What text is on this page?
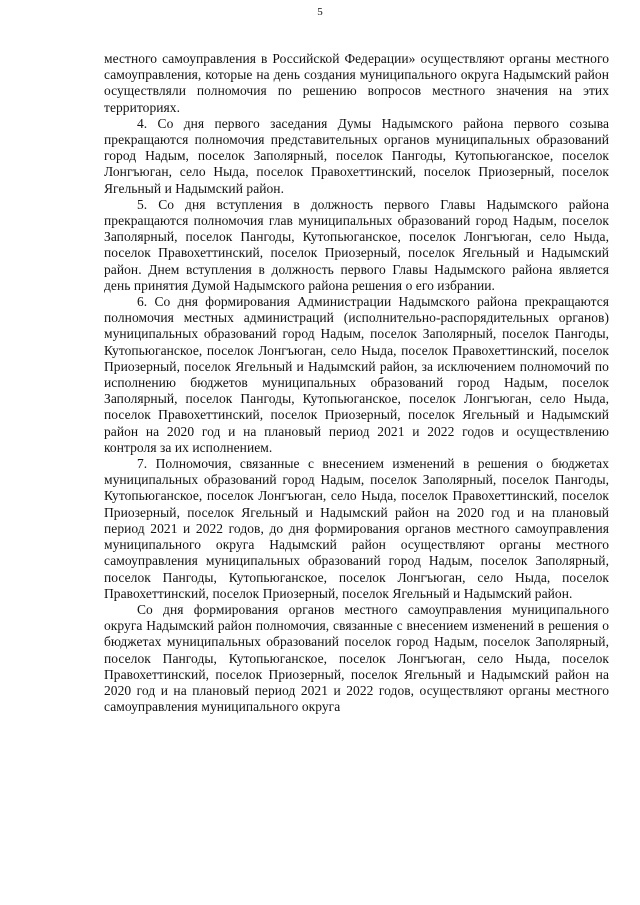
5

местного самоуправления в Российской Федерации» осуществляют органы местного самоуправления, которые на день создания муниципального округа Надымский район осуществляли полномочия по решению вопросов местного значения на этих территориях.

4. Со дня первого заседания Думы Надымского района первого созыва прекращаются полномочия представительных органов муниципальных образований город Надым, поселок Заполярный, поселок Пангоды, Кутопьюганское, поселок Лонгъюган, село Ныда, поселок Правохеттинский, поселок Приозерный, поселок Ягельный и Надымский район.

5. Со дня вступления в должность первого Главы Надымского района прекращаются полномочия глав муниципальных образований город Надым, поселок Заполярный, поселок Пангоды, Кутопьюганское, поселок Лонгъюган, село Ныда, поселок Правохеттинский, поселок Приозерный, поселок Ягельный и Надымский район. Днем вступления в должность первого Главы Надымского района является день принятия Думой Надымского района решения о его избрании.

6. Со дня формирования Администрации Надымского района прекращаются полномочия местных администраций (исполнительно-распорядительных органов) муниципальных образований город Надым, поселок Заполярный, поселок Пангоды, Кутопьюганское, поселок Лонгъюган, село Ныда, поселок Правохеттинский, поселок Приозерный, поселок Ягельный и Надымский район, за исключением полномочий по исполнению бюджетов муниципальных образований город Надым, поселок Заполярный, поселок Пангоды, Кутопьюганское, поселок Лонгъюган, село Ныда, поселок Правохеттинский, поселок Приозерный, поселок Ягельный и Надымский район на 2020 год и на плановый период 2021 и 2022 годов и осуществлению контроля за их исполнением.

7. Полномочия, связанные с внесением изменений в решения о бюджетах муниципальных образований город Надым, поселок Заполярный, поселок Пангоды, Кутопьюганское, поселок Лонгъюган, село Ныда, поселок Правохеттинский, поселок Приозерный, поселок Ягельный и Надымский район на 2020 год и на плановый период 2021 и 2022 годов, до дня формирования органов местного самоуправления муниципального округа Надымский район осуществляют органы местного самоуправления муниципальных образований город Надым, поселок Заполярный, поселок Пангоды, Кутопьюганское, поселок Лонгъюган, село Ныда, поселок Правохеттинский, поселок Приозерный, поселок Ягельный и Надымский район.

Со дня формирования органов местного самоуправления муниципального округа Надымский район полномочия, связанные с внесением изменений в решения о бюджетах муниципальных образований поселок город Надым, поселок Заполярный, поселок Пангоды, Кутопьюганское, поселок Лонгъюган, село Ныда, поселок Правохеттинский, поселок Приозерный, поселок Ягельный и Надымский район на 2020 год и на плановый период 2021 и 2022 годов, осуществляют органы местного самоуправления муниципального округа
